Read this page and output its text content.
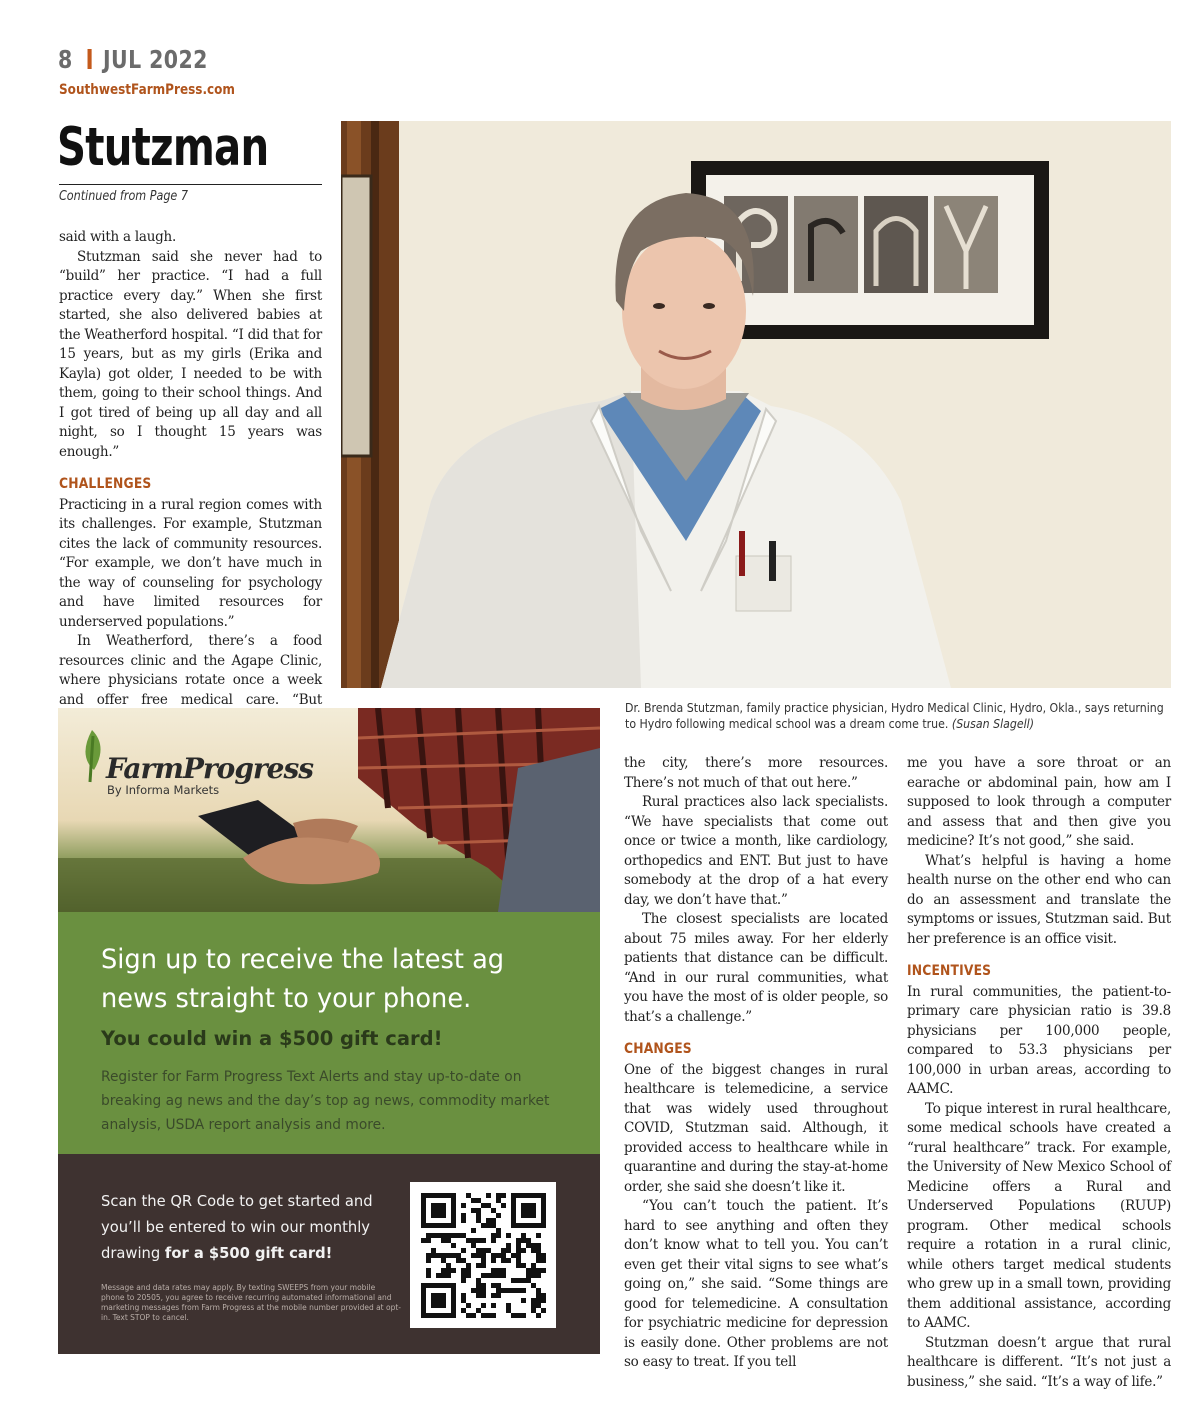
8 JUL 2022
SouthwestFarmPress.com
Stutzman
Continued from Page 7

said with a laugh.

Stutzman said she never had to “build” her practice. “I had a full practice every day.” When she first started, she also delivered babies at the Weatherford hospital. “I did that for 15 years, but as my girls (Erika and Kayla) got older, I needed to be with them, going to their school things. And I got tired of being up all day and all night, so I thought 15 years was enough.”

CHALLENGES

Practicing in a rural region comes with its challenges. For example, Stutzman cites the lack of community resources. “For example, we don’t have much in the way of counseling for psychology and have limited resources for underserved populations.”

In Weatherford, there’s a food resources clinic and the Agape Clinic, where physicians rotate once a week and offer free medical care. “But	Dr. Brenda Stutzman, family practice physician, Hydro Medical Clinic, Hydro, Okla., says returning to Hydro following medical school was a dream come true. (Susan Slagell)

the city, there’s more resources. There’s not much of that out here.”

Rural practices also lack specialists. “We have specialists that come out once or twice a month, like cardiology, orthopedics and ENT. But just to have somebody at the drop of a hat every day, we don’t have that.”

The closest specialists are located about 75 miles away. For her elderly patients that distance can be difficult. “And in our rural communities, what you have the most of is older people, so that’s a challenge.”

CHANGES

One of the biggest changes in rural healthcare is telemedicine, a service that was widely used throughout COVID, Stutzman said. Although, it provided access to healthcare while in quarantine and during the stay-at-home order, she said she doesn’t like it.

“You can’t touch the patient. It’s hard to see anything and often they don’t know what to tell you. You can’t even get their vital signs to see what’s going on,” she said. “Some things are good for telemedicine. A consultation for psychiatric medicine for depression is easily done. Other problems are not so easy to treat. If you tell

me you have a sore throat or an earache or abdominal pain, how am I supposed to look through a computer and assess that and then give you medicine? It’s not good,” she said.

What’s helpful is having a home health nurse on the other end who can do an assessment and translate the symptoms or issues, Stutzman said. But her preference is an office visit.

INCENTIVES

In rural communities, the patient-to-primary care physician ratio is 39.8 physicians per 100,000 people, compared to 53.3 physicians per 100,000 in urban areas, according to AAMC.

To pique interest in rural healthcare, some medical schools have created a “rural healthcare” track. For example, the University of New Mexico School of Medicine offers a Rural and Underserved Populations (RUUP) program. Other medical schools require a rotation in a rural clinic, while others target medical students who grew up in a small town, providing them additional assistance, according to AAMC.

Stutzman doesn’t argue that rural healthcare is different. “It’s not just a business,” she said. “It’s a way of life.”

FarmProgress
By Informa Markets
Sign up to receive the latest ag news straight to your phone.
You could win a $500 gift card!
Register for Farm Progress Text Alerts and stay up-to-date on breaking ag news and the day’s top ag news, commodity market analysis, USDA report analysis and more.
Scan the QR Code to get started and you’ll be entered to win our monthly drawing for a $500 gift card!
Message and data rates may apply. By texting SWEEPS from your mobile phone to 20505, you agree to receive recurring automated informational and marketing messages from Farm Progress at the mobile number provided at opt-in. Text STOP to cancel.
